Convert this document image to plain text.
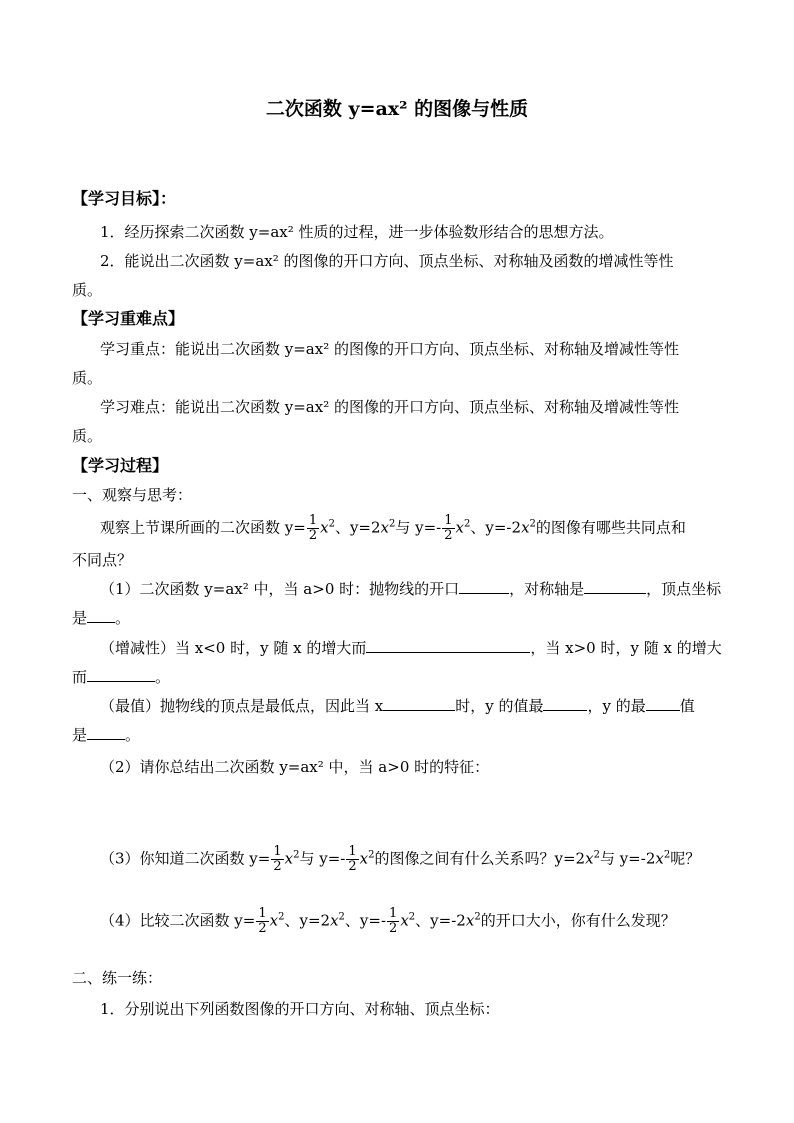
二次函数 y=ax² 的图像与性质
【学习目标】：
1．经历探索二次函数 y=ax² 性质的过程，进一步体验数形结合的思想方法。
2．能说出二次函数 y=ax² 的图像的开口方向、顶点坐标、对称轴及函数的增减性等性
质。
【学习重难点】
学习重点：能说出二次函数 y=ax² 的图像的开口方向、顶点坐标、对称轴及增减性等性
质。
学习难点：能说出二次函数 y=ax² 的图像的开口方向、顶点坐标、对称轴及增减性等性
质。
【学习过程】
一、观察与思考：
观察上节课所画的二次函数 $y= \frac{1}{2} x^2$、$y=2x^2$与 $y=- \frac{1}{2} x^2$、$y=-2x^2$的图像有哪些共同点和
不同点？
（1）二次函数 y=ax² 中，当 a>0 时：抛物线的开口	，对称轴是	，顶点坐标
是 。
（增减性）当 x<0 时，y 随 x 的增大而	，当 x>0 时，y 随 x 的增大
而	。
（最值）抛物线的顶点是最低点，因此当 x	时，y 的值最	，y 的最 值
是	。
（2）请你总结出二次函数 y=ax² 中，当 a>0 时的特征：
（3）你知道二次函数 $y= \frac{1}{2} x^2$与 $y=- \frac{1}{2} x^2$的图像之间有什么关系吗？$y=2x^2$与 $y=-2x^2$呢？
（4）比较二次函数 $y= \frac{1}{2} x^2$、$y=2x^2$、$y=- \frac{1}{2} x^2$、$y=-2x^2$的开口大小，你有什么发现？
二、练一练：
1．分别说出下列函数图像的开口方向、对称轴、顶点坐标：
